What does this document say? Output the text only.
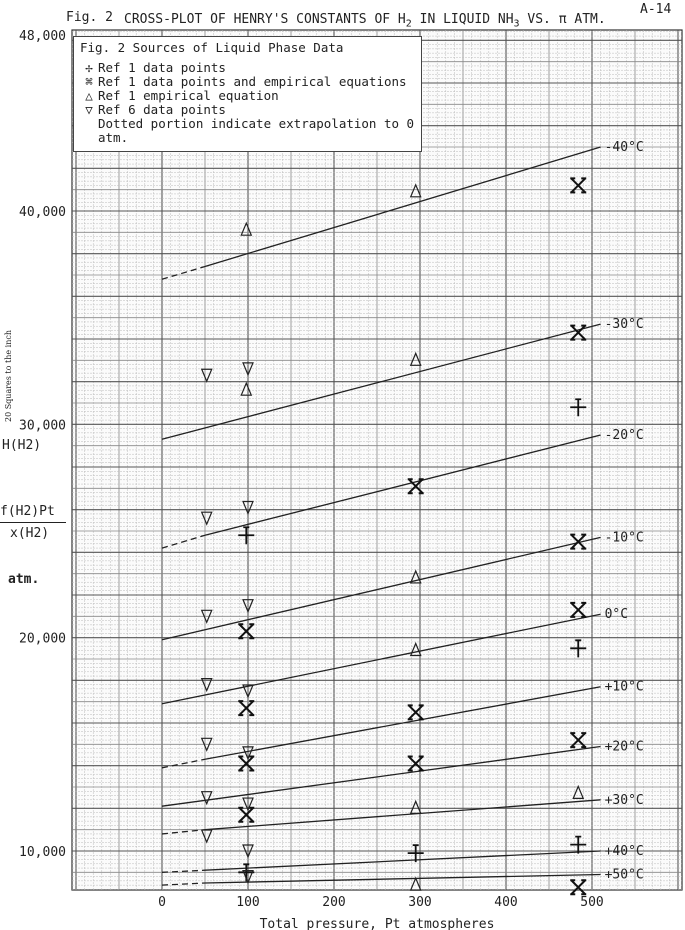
-40°C
-30°C
-20°C
-10°C
0°C
+10°C
+20°C
+30°C
+40°C
+50°C
0	100	200	300	400	500
10,000
20,000
30,000
40,000
48,000
Total pressure, Pt atmospheres
Fig. 2 CROSS-PLOT OF HENRY'S CONSTANTS OF $H_2$ IN LIQUID $NH_3$ VS. π ATM.
A-14
Fig. 2 Sources of Liquid Phase Data
✢ Ref 1 data points
⌘ Ref 1 data points and empirical equations
△ Ref 1 empirical equation
▽ Ref 6 data points
Dotted portion indicate extrapolation to 0 atm.
H(H2)
f(H2)Pt
x(H2)
atm.
20 Squares to the inch
